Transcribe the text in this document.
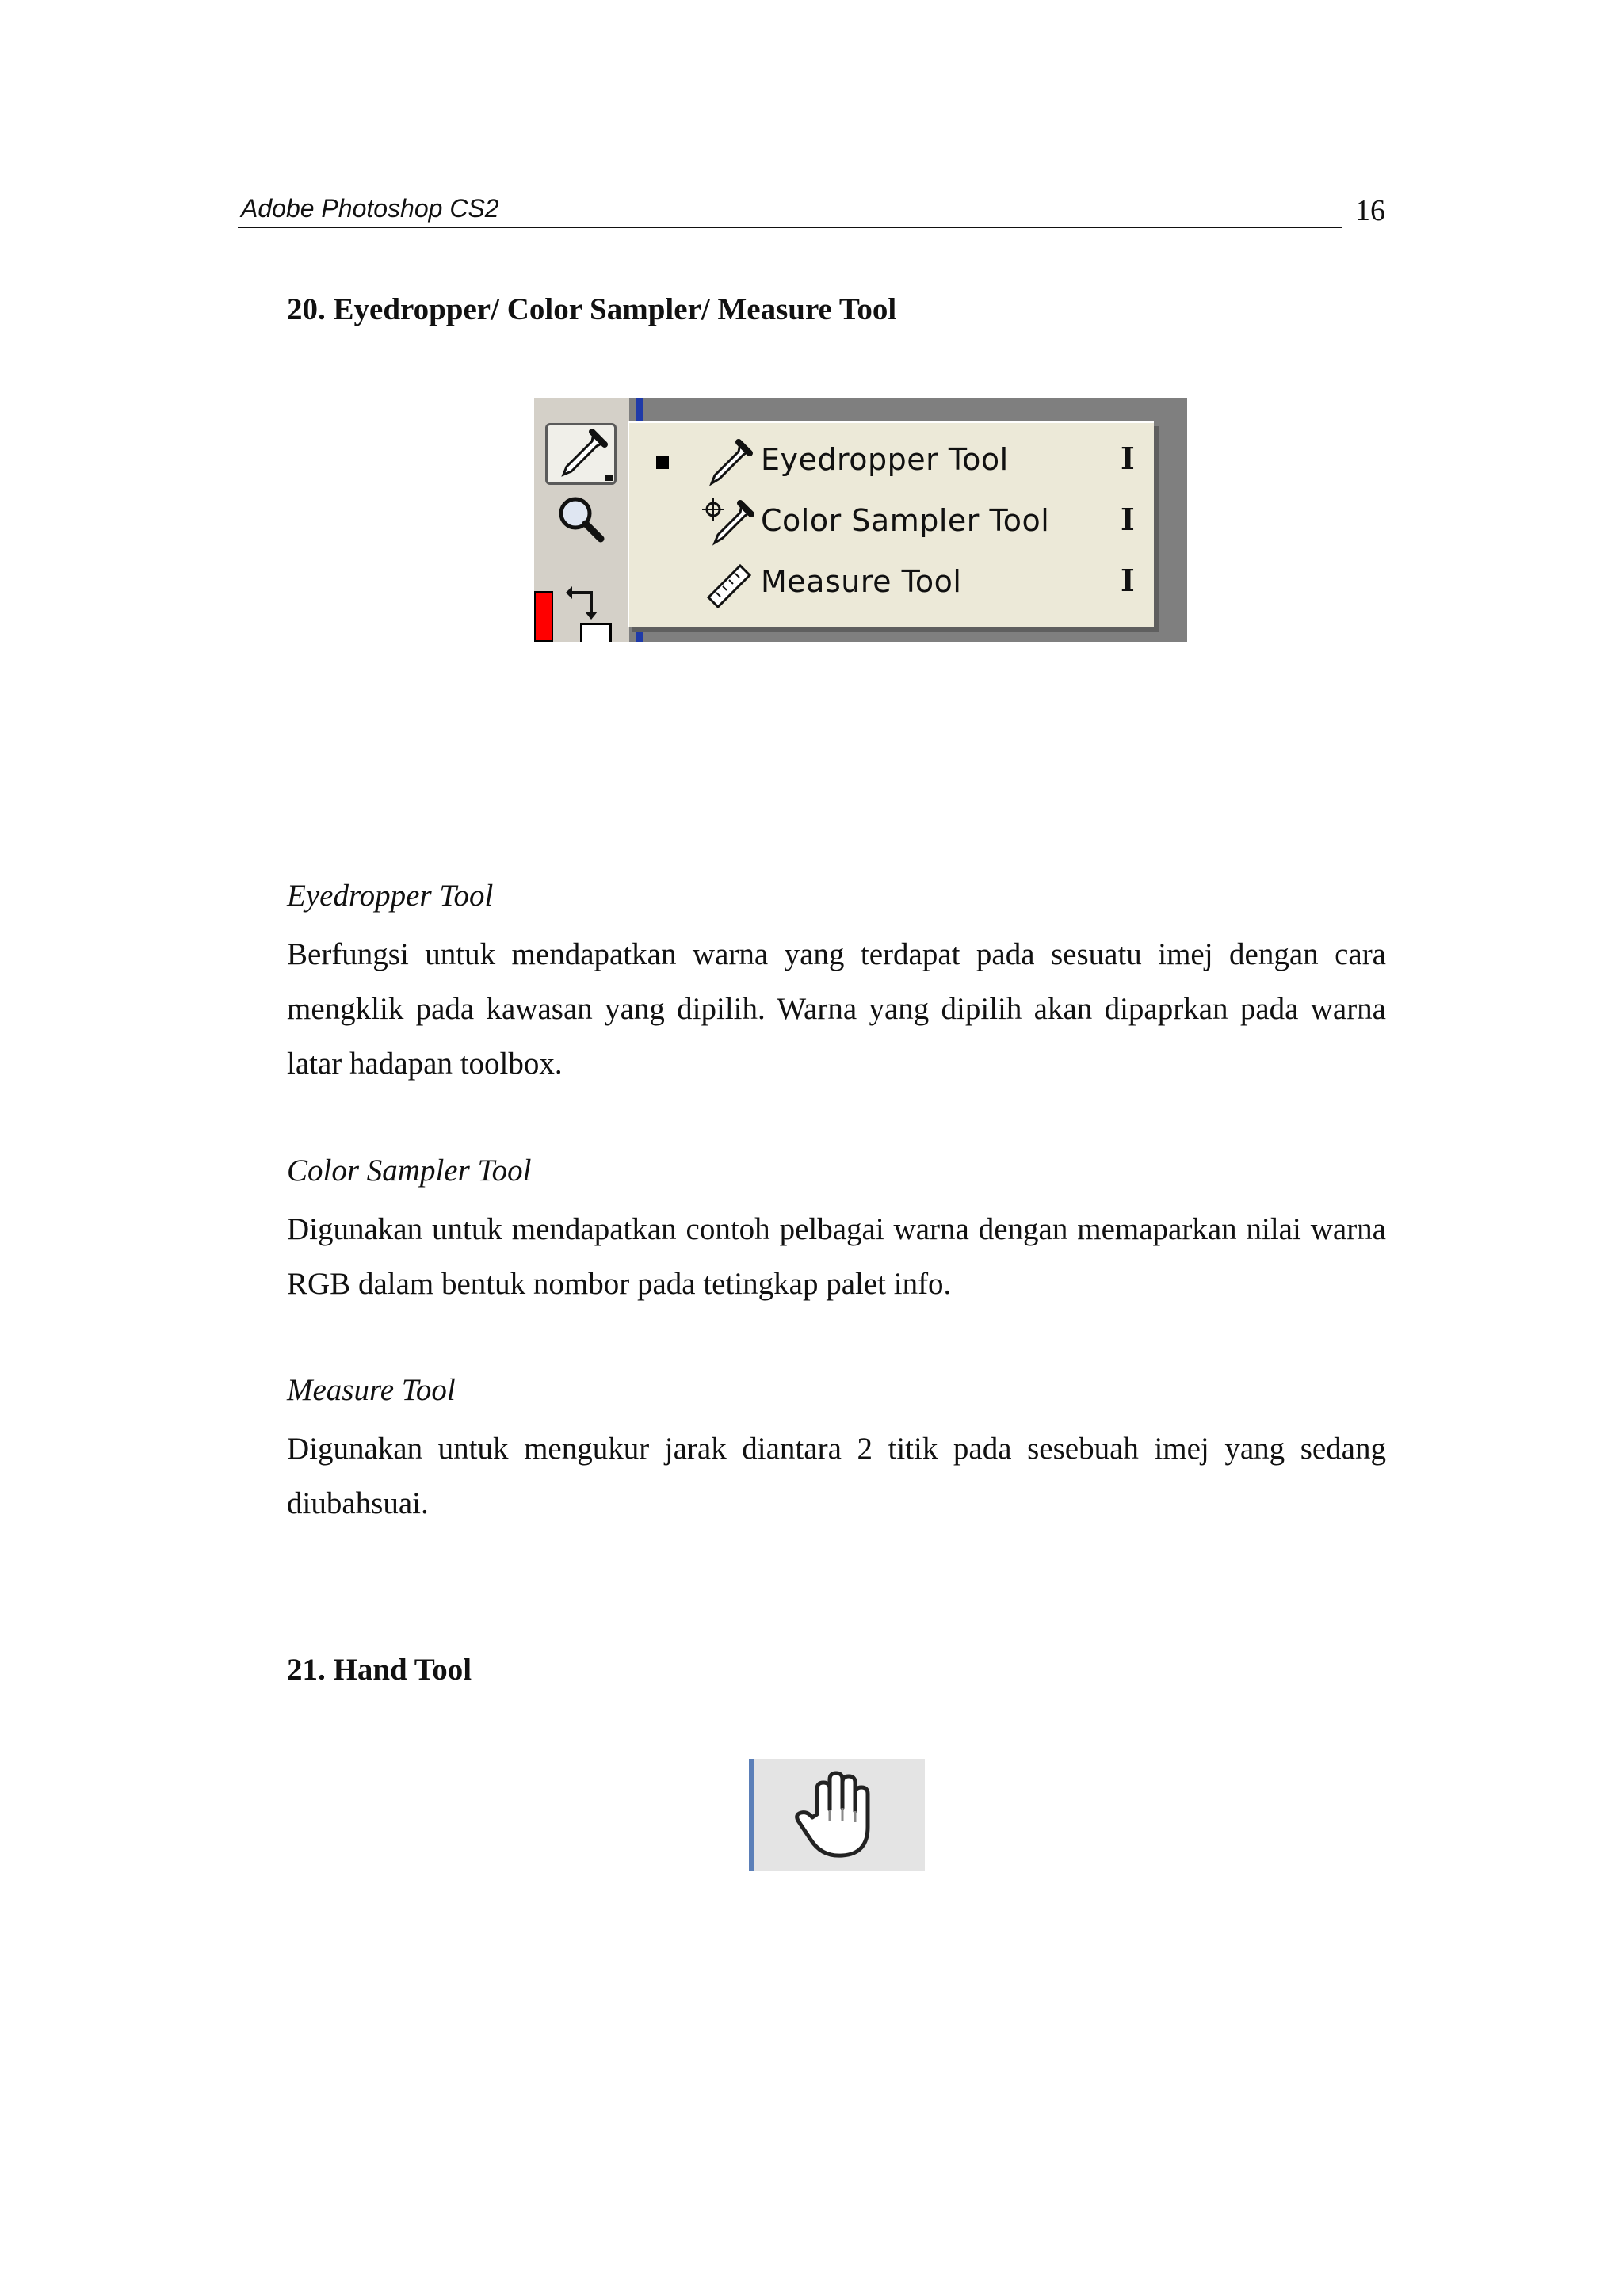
Adobe Photoshop CS2	16
20. Eyedropper/ Color Sampler/ Measure Tool
Eyedropper Tool	I
Color Sampler Tool I
Measure Tool	I
Eyedropper Tool

Berfungsi untuk mendapatkan warna yang terdapat pada sesuatu imej dengan cara mengklik pada kawasan yang dipilih. Warna yang dipilih akan dipaprkan pada warna latar hadapan toolbox.

Color Sampler Tool

Digunakan untuk mendapatkan contoh pelbagai warna dengan memaparkan nilai warna RGB dalam bentuk nombor pada tetingkap palet info.

Measure Tool

Digunakan untuk mengukur jarak diantara 2 titik pada sesebuah imej yang sedang diubahsuai.

21. Hand Tool
